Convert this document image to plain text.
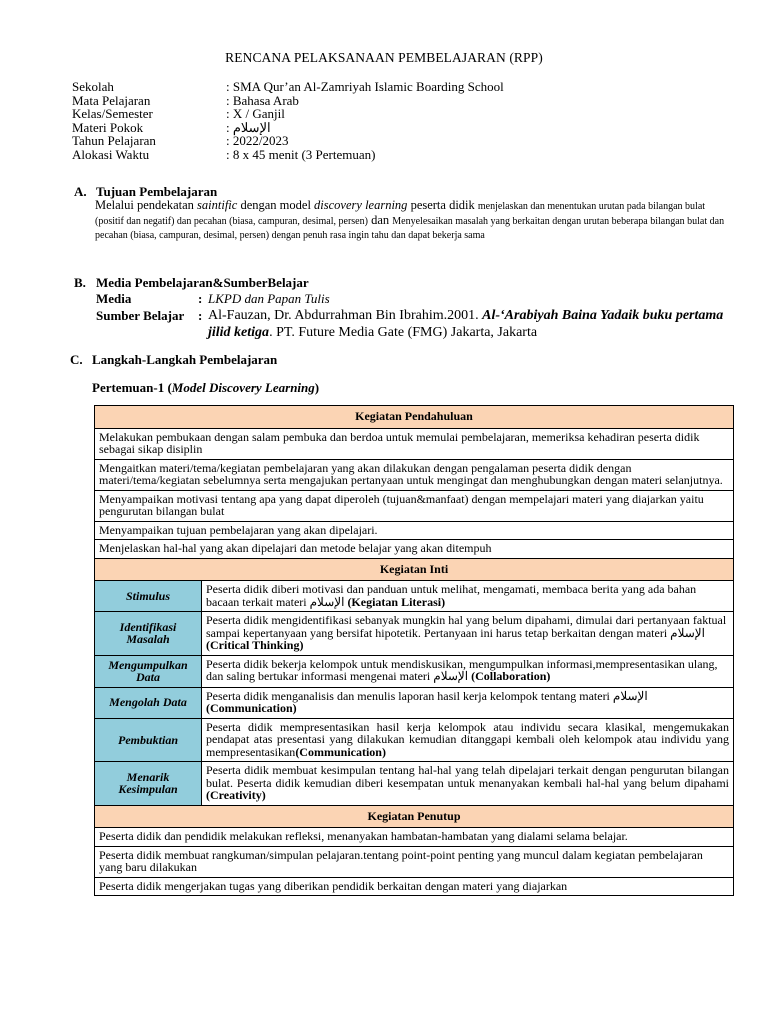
RENCANA PELAKSANAAN PEMBELAJARAN (RPP)
Sekolah	: SMA Qur’an Al-Zamriyah Islamic Boarding School
Mata Pelajaran	: Bahasa Arab
Kelas/Semester	: X / Ganjil
Materi Pokok	: الإسلام
Tahun Pelajaran	: 2022/2023
Alokasi Waktu	: 8 x 45 menit (3 Pertemuan)
A. Tujuan Pembelajaran
Melalui pendekatan saintific dengan model discovery learning peserta didik menjelaskan dan menentukan urutan pada bilangan bulat (positif dan negatif) dan pecahan (biasa, campuran, desimal, persen) dan Menyelesaikan masalah yang berkaitan dengan urutan beberapa bilangan bulat dan pecahan (biasa, campuran, desimal, persen) dengan penuh rasa ingin tahu dan dapat bekerja sama
B. Media Pembelajaran&SumberBelajar
Media	: LKPD dan Papan Tulis
Sumber Belajar	: Al-Fauzan, Dr. Abdurrahman Bin Ibrahim.2001. Al-‘Arabiyah Baina Yadaik buku pertama jilid ketiga. PT. Future Media Gate (FMG) Jakarta, Jakarta
C. Langkah-Langkah Pembelajaran
Pertemuan-1 (Model Discovery Learning)
Kegiatan Pendahuluan	
Melakukan pembukaan dengan salam pembuka dan berdoa untuk memulai pembelajaran, memeriksa kehadiran peserta didik sebagai sikap disiplin	
Mengaitkan materi/tema/kegiatan pembelajaran yang akan dilakukan dengan pengalaman peserta didik dengan materi/tema/kegiatan sebelumnya serta mengajukan pertanyaan untuk mengingat dan menghubungkan dengan materi selanjutnya.	
Menyampaikan motivasi tentang apa yang dapat diperoleh (tujuan&manfaat) dengan mempelajari materi yang diajarkan yaitu pengurutan bilangan bulat	
Menyampaikan tujuan pembelajaran yang akan dipelajari.	
Menjelaskan hal-hal yang akan dipelajari dan metode belajar yang akan ditempuh	
Kegiatan Inti	
Stimulus	Peserta didik diberi motivasi dan panduan untuk melihat, mengamati, membaca berita yang ada bahan bacaan terkait materi الإسلام (Kegiatan Literasi)
Identifikasi Masalah	Peserta didik mengidentifikasi sebanyak mungkin hal yang belum dipahami, dimulai dari pertanyaan faktual sampai kepertanyaan yang bersifat hipotetik. Pertanyaan ini harus tetap berkaitan dengan materi الإسلام (Critical Thinking)
Mengumpulkan Data	Peserta didik bekerja kelompok untuk mendiskusikan, mengumpulkan informasi,mempresentasikan ulang, dan saling bertukar informasi mengenai materi الإسلام (Collaboration)
Mengolah Data	Peserta didik menganalisis dan menulis laporan hasil kerja kelompok tentang materi الإسلام (Communication)
Pembuktian	Peserta didik mempresentasikan hasil kerja kelompok atau individu secara klasikal, mengemukakan pendapat atas presentasi yang dilakukan kemudian ditanggapi kembali oleh kelompok atau individu yang mempresentasikan(Communication)
Menarik Kesimpulan	Peserta didik membuat kesimpulan tentang hal-hal yang telah dipelajari terkait dengan pengurutan bilangan bulat. Peserta didik kemudian diberi kesempatan untuk menanyakan kembali hal-hal yang belum dipahami (Creativity)
Kegiatan Penutup	
Peserta didik dan pendidik melakukan refleksi, menanyakan hambatan-hambatan yang dialami selama belajar.	
Peserta didik membuat rangkuman/simpulan pelajaran.tentang point-point penting yang muncul dalam kegiatan pembelajaran yang baru dilakukan	
Peserta didik mengerjakan tugas yang diberikan pendidik berkaitan dengan materi yang diajarkan	
